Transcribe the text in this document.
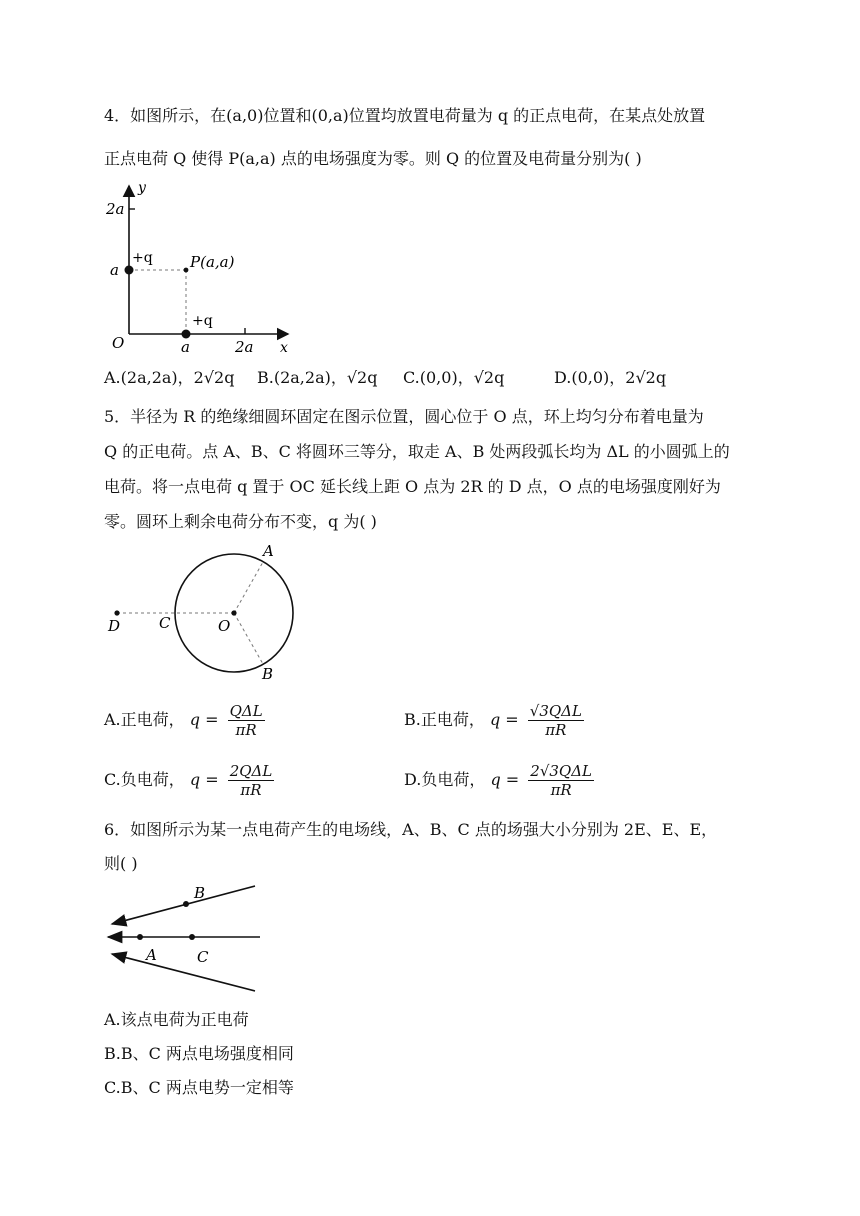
4．如图所示，在(a,0)位置和(0,a)位置均放置电荷量为 q 的正点电荷，在某点处放置
正点电荷 Q 使得 P(a,a) 点的电场强度为零。则 Q 的位置及电荷量分别为( )
y
2a
a
+q P(a,a)
+q
O	a	2a x
A.(2a,2a)，2√2q B.(2a,2a)，√2q C.(0,0)，√2q	D.(0,0)，2√2q
5．半径为 R 的绝缘细圆环固定在图示位置，圆心位于 O 点，环上均匀分布着电量为
Q 的正电荷。点 A、B、C 将圆环三等分，取走 A、B 处两段弧长均为 ΔL 的小圆弧上的
电荷。将一点电荷 q 置于 OC 延长线上距 O 点为 2R 的 D 点，O 点的电场强度刚好为
零。圆环上剩余电荷分布不变，q 为( )
A
D	C	O
B
A.正电荷， $q = \frac{\text{QΔL}}{\pi R}$	B.正电荷， $q = \frac{\text{√3QΔL}}{\pi R}$
C.负电荷， $q = \frac{\text{2QΔL}}{\pi R}$	D.负电荷， $q = \frac{\text{2√3QΔL}}{\pi R}$
6．如图所示为某一点电荷产生的电场线，A、B、C 点的场强大小分别为 2E、E、E，
则( )
B
A	C
A.该点电荷为正电荷
B.B、C 两点电场强度相同
C.B、C 两点电势一定相等
